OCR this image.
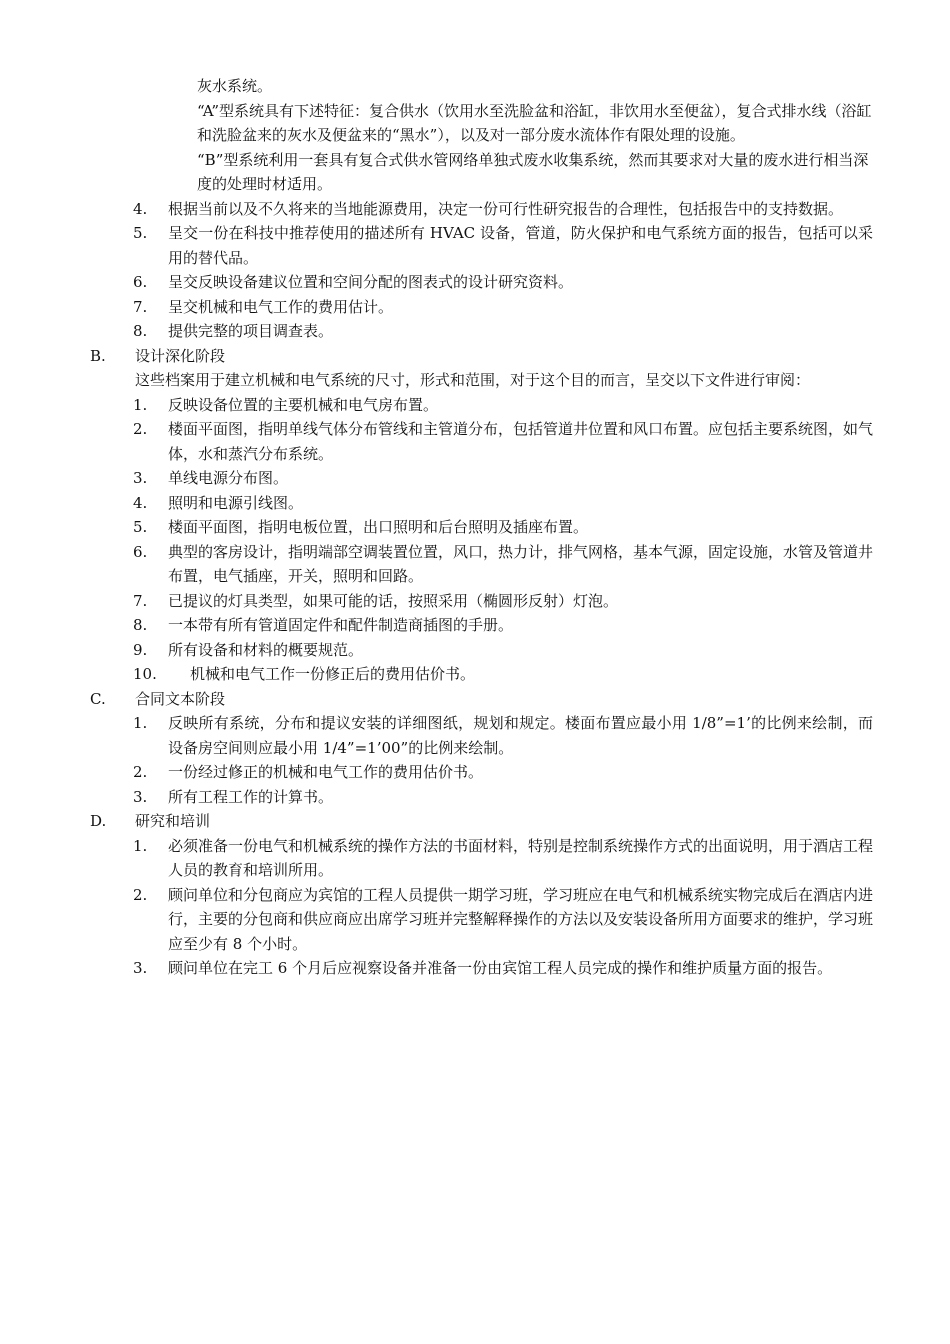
灰水系统。
“A”型系统具有下述特征：复合供水（饮用水至洗脸盆和浴缸，非饮用水至便盆），复合式排水线（浴缸和洗脸盆来的灰水及便盆来的“黑水”），以及对一部分废水流体作有限处理的设施。
“B”型系统利用一套具有复合式供水管网络单独式废水收集系统，然而其要求对大量的废水进行相当深度的处理时材适用。
4.	根据当前以及不久将来的当地能源费用，决定一份可行性研究报告的合理性，包括报告中的支持数据。
5.	呈交一份在科技中推荐使用的描述所有 HVAC 设备，管道，防火保护和电气系统方面的报告，包括可以采用的替代品。
6.	呈交反映设备建议位置和空间分配的图表式的设计研究资料。
7.	呈交机械和电气工作的费用估计。
8.	提供完整的项目调查表。
B.	设计深化阶段
这些档案用于建立机械和电气系统的尺寸，形式和范围，对于这个目的而言，呈交以下文件进行审阅：
1.	反映设备位置的主要机械和电气房布置。
2.	楼面平面图，指明单线气体分布管线和主管道分布，包括管道井位置和风口布置。应包括主要系统图，如气体，水和蒸汽分布系统。
3.	单线电源分布图。
4.	照明和电源引线图。
5.	楼面平面图，指明电板位置，出口照明和后台照明及插座布置。
6.	典型的客房设计，指明端部空调装置位置，风口，热力计，排气网格，基本气源，固定设施，水管及管道井布置，电气插座，开关，照明和回路。
7.	已提议的灯具类型，如果可能的话，按照采用（椭圆形反射）灯泡。
8.	一本带有所有管道固定件和配件制造商插图的手册。
9.	所有设备和材料的概要规范。
10.	机械和电气工作一份修正后的费用估价书。
C.	合同文本阶段
1.	反映所有系统，分布和提议安装的详细图纸，规划和规定。楼面布置应最小用 1/8”=1’的比例来绘制，而设备房空间则应最小用 1/4”=1’00”的比例来绘制。
2.	一份经过修正的机械和电气工作的费用估价书。
3.	所有工程工作的计算书。
D.	研究和培训
1.	必须准备一份电气和机械系统的操作方法的书面材料，特别是控制系统操作方式的出面说明，用于酒店工程人员的教育和培训所用。
2.	顾问单位和分包商应为宾馆的工程人员提供一期学习班，学习班应在电气和机械系统实物完成后在酒店内进行，主要的分包商和供应商应出席学习班并完整解释操作的方法以及安装设备所用方面要求的维护，学习班应至少有 8 个小时。
3.	顾问单位在完工 6 个月后应视察设备并准备一份由宾馆工程人员完成的操作和维护质量方面的报告。
